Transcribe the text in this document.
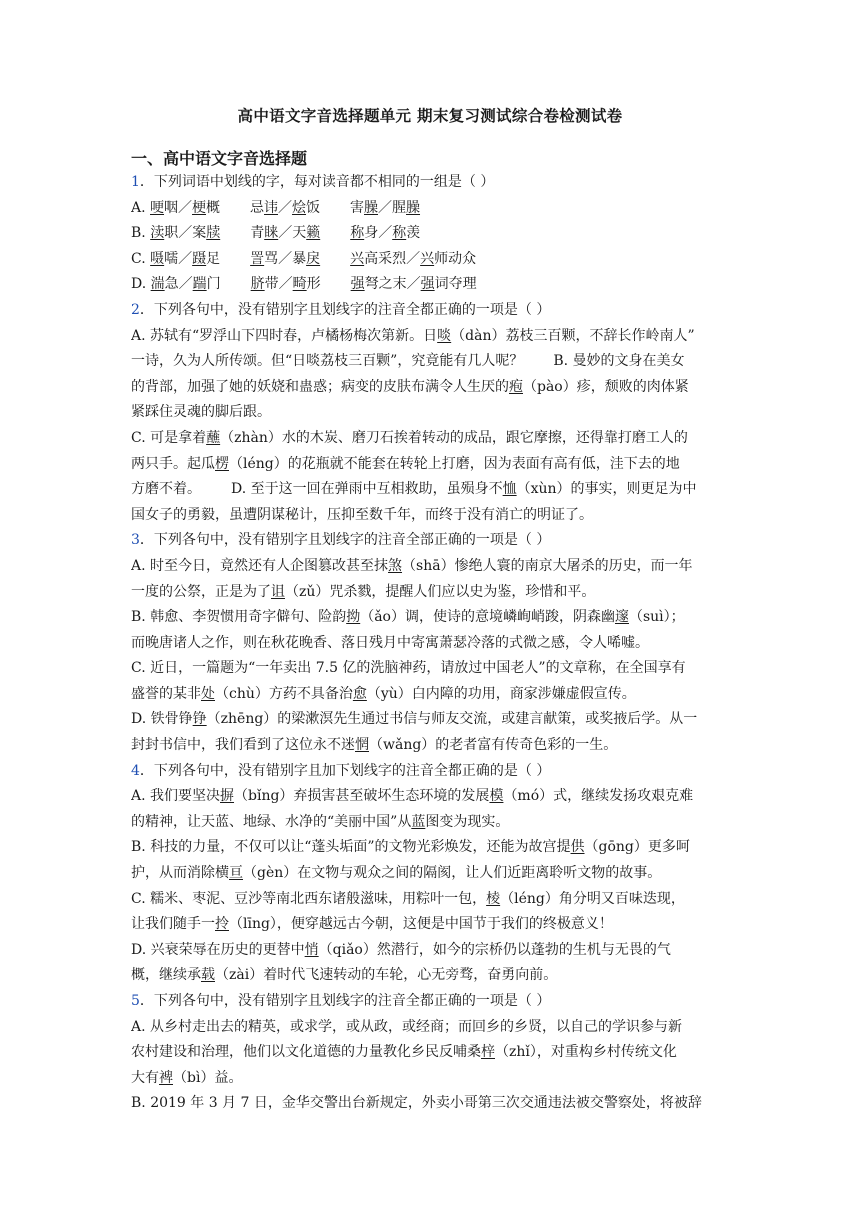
高中语文字音选择题单元 期末复习测试综合卷检测试卷
一、高中语文字音选择题
1．下列词语中划线的字，每对读音都不相同的一组是（ ）
A. 哽咽／梗概 忌讳／烩饭 害臊／腥臊
B. 渎职／案牍 青睐／天籁 称身／称羡
C. 嗫嚅／蹑足 詈骂／暴戾 兴高采烈／兴师动众
D. 湍急／踹门 脐带／畸形 强弩之末／强词夺理
2．下列各句中，没有错别字且划线字的注音全都正确的一项是（ ）
A. 苏轼有“罗浮山下四时春，卢橘杨梅次第新。日啖（dàn）荔枝三百颗，不辞长作岭南人”
一诗，久为人所传颂。但“日啖荔枝三百颗”，究竟能有几人呢？ B. 曼妙的文身在美女
的背部，加强了她的妖娆和蛊惑；病变的皮肤布满令人生厌的疱（pào）疹，颓败的肉体紧
紧踩住灵魂的脚后跟。
C. 可是拿着蘸（zhàn）水的木炭、磨刀石挨着转动的成品，跟它摩擦，还得靠打磨工人的
两只手。起瓜楞（léng）的花瓶就不能套在转轮上打磨，因为表面有高有低，洼下去的地
方磨不着。 D. 至于这一回在弹雨中互相救助，虽殒身不恤（xùn）的事实，则更足为中
国女子的勇毅，虽遭阴谋秘计，压抑至数千年，而终于没有消亡的明证了。
3．下列各句中，没有错别字且划线字的注音全部正确的一项是（ ）
A. 时至今日，竟然还有人企图篡改甚至抹煞（shā）惨绝人寰的南京大屠杀的历史，而一年
一度的公祭，正是为了诅（zǔ）咒杀戮，提醒人们应以史为鉴，珍惜和平。
B. 韩愈、李贺惯用奇字僻句、险韵拗（ǎo）调，使诗的意境嶙峋峭踆，阴森幽邃（suì）；
而晚唐诸人之作，则在秋花晚香、落日残月中寄寓萧瑟冷落的式微之感，令人唏嘘。
C. 近日，一篇题为“一年卖出 7.5 亿的洗脑神药，请放过中国老人”的文章称，在全国享有
盛誉的某非处（chù）方药不具备治愈（yù）白内障的功用，商家涉嫌虚假宣传。
D. 铁骨铮铮（zhēng）的梁漱溟先生通过书信与师友交流，或建言献策，或奖掖后学。从一
封封书信中，我们看到了这位永不迷惘（wǎng）的老者富有传奇色彩的一生。
4．下列各句中，没有错别字且加下划线字的注音全都正确的是（ ）
A. 我们要坚决摒（bǐng）弃损害甚至破坏生态环境的发展模（mó）式，继续发扬攻艰克难
的精神，让天蓝、地绿、水净的“美丽中国”从蓝图变为现实。
B. 科技的力量，不仅可以让“蓬头垢面”的文物光彩焕发，还能为故宫提供（gōng）更多呵
护，从而消除横亘（gèn）在文物与观众之间的隔阂，让人们近距离聆听文物的故事。
C. 糯米、枣泥、豆沙等南北西东诸般滋味，用粽叶一包，棱（léng）角分明又百味迭现，
让我们随手一拎（līng），便穿越远古今朝，这便是中国节于我们的终极意义！
D. 兴衰荣辱在历史的更替中悄（qiǎo）然潜行，如今的宗桥仍以蓬勃的生机与无畏的气
概，继续承载（zài）着时代飞速转动的车轮，心无旁骛，奋勇向前。
5．下列各句中，没有错别字且划线字的注音全都正确的一项是（ ）
A. 从乡村走出去的精英，或求学，或从政，或经商；而回乡的乡贤，以自己的学识参与新
农村建设和治理，他们以文化道德的力量教化乡民反哺桑梓（zhǐ），对重构乡村传统文化
大有裨（bì）益。
B. 2019 年 3 月 7 日，金华交警出台新规定，外卖小哥第三次交通违法被交警察处，将被辞
